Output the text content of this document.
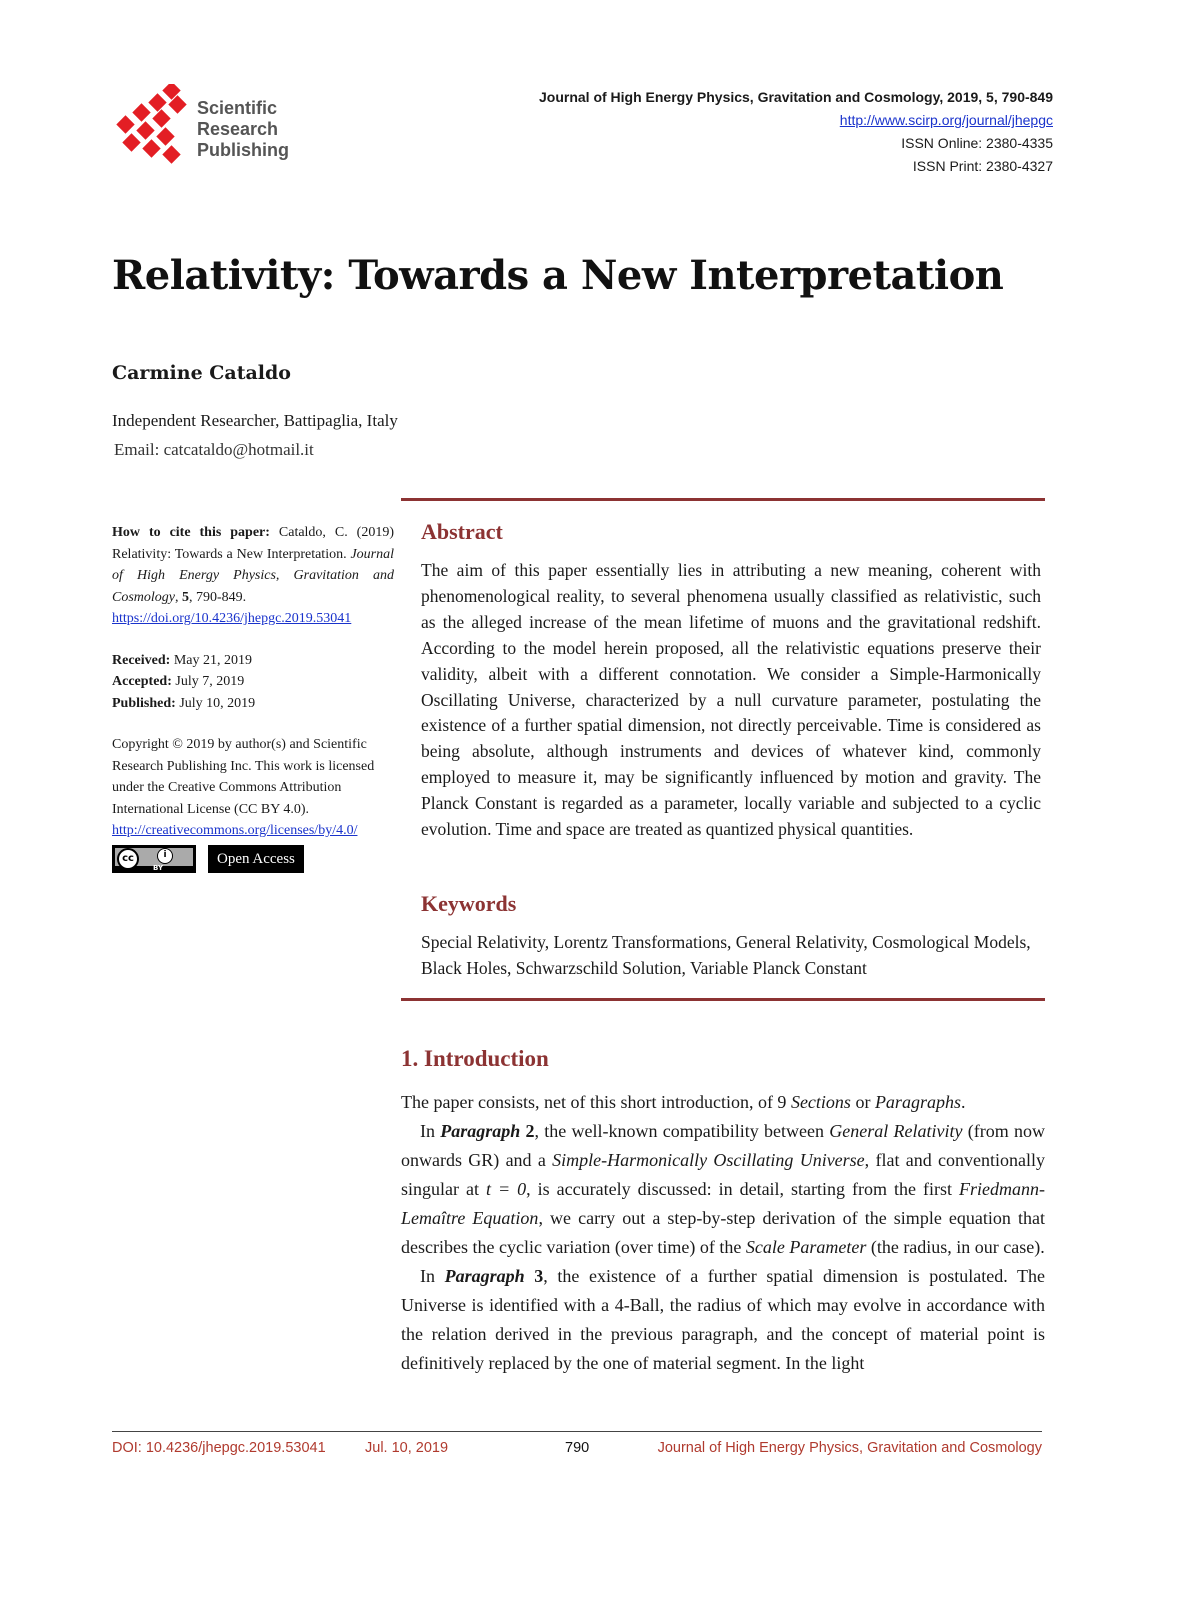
Scientific
Research
Publishing
Journal of High Energy Physics, Gravitation and Cosmology, 2019, 5, 790-849
http://www.scirp.org/journal/jhepgc
ISSN Online: 2380-4335
ISSN Print: 2380-4327
Relativity: Towards a New Interpretation
Carmine Cataldo
Independent Researcher, Battipaglia, Italy
Email: catcataldo@hotmail.it

How to cite this paper: Cataldo, C. (2019) Relativity: Towards a New Interpretation. Journal of High Energy Physics, Gravitation and Cosmology, 5, 790-849.
https://doi.org/10.4236/jhepgc.2019.53041

Received: May 21, 2019
Accepted: July 7, 2019
Published: July 10, 2019

Copyright © 2019 by author(s) and Scientific Research Publishing Inc. This work is licensed under the Creative Commons Attribution International License (CC BY 4.0).

http://creativecommons.org/licenses/by/4.0/

cc	i
BY
Open Access
Abstract

The aim of this paper essentially lies in attributing a new meaning, coherent with phenomenological reality, to several phenomena usually classified as relativistic, such as the alleged increase of the mean lifetime of muons and the gravitational redshift. According to the model herein proposed, all the relativistic equations preserve their validity, albeit with a different connotation. We consider a Simple-Harmonically Oscillating Universe, characterized by a null curvature parameter, postulating the existence of a further spatial dimension, not directly perceivable. Time is considered as being absolute, although instruments and devices of whatever kind, commonly employed to measure it, may be significantly influenced by motion and gravity. The Planck Constant is regarded as a parameter, locally variable and subjected to a cyclic evolution. Time and space are treated as quantized physical quantities.

Keywords

Special Relativity, Lorentz Transformations, General Relativity, Cosmological Models, Black Holes, Schwarzschild Solution, Variable Planck Constant

1. Introduction

The paper consists, net of this short introduction, of 9 Sections or Paragraphs.

In Paragraph 2, the well-known compatibility between General Relativity (from now onwards GR) and a Simple-Harmonically Oscillating Universe, flat and conventionally singular at t = 0, is accurately discussed: in detail, starting from the first Friedmann-Lemaître Equation, we carry out a step-by-step derivation of the simple equation that describes the cyclic variation (over time) of the Scale Parameter (the radius, in our case).

In Paragraph 3, the existence of a further spatial dimension is postulated. The Universe is identified with a 4-Ball, the radius of which may evolve in accordance with the relation derived in the previous paragraph, and the concept of material point is definitively replaced by the one of material segment. In the light

DOI: 10.4236/jhepgc.2019.53041	Jul. 10, 2019	790	Journal of High Energy Physics, Gravitation and Cosmology
